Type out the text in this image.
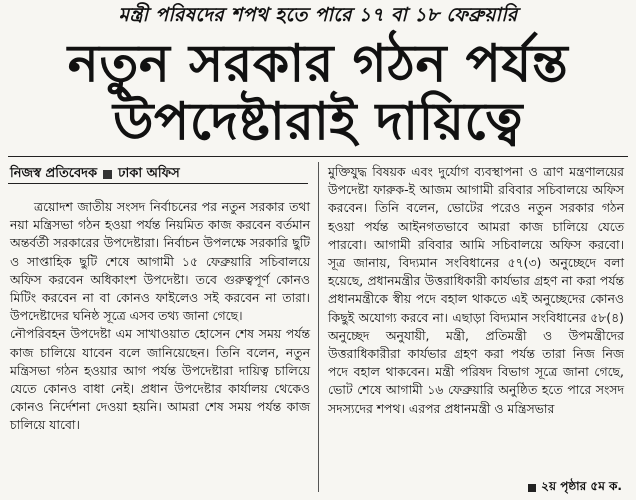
মন্ত্রী পরিষদের শপথ হতে পারে ১৭ বা ১৮ ফেব্রুয়ারি
নতুন সরকার গঠন পর্যন্ত
উপদেষ্টারাই দায়িত্বে
নিজস্ব প্রতিবেদক ঢাকা অফিস

ত্রয়োদশ জাতীয় সংসদ নির্বাচনের পর নতুন সরকার তথা নয়া মন্ত্রিসভা গঠন হওয়া পর্যন্ত নিয়মিত কাজ করবেন বর্তমান অন্তর্বর্তী সরকারের উপদেষ্টারা। নির্বাচন উপলক্ষে সরকারি ছুটি ও সাপ্তাহিক ছুটি শেষে আগামী ১৫ ফেব্রুয়ারি সচিবালয়ে অফিস করবেন অধিকাংশ উপদেষ্টা। তবে গুরুত্বপূর্ণ কোনও মিটিং করবেন না বা কোনও ফাইলেও সই করবেন না তারা। উপদেষ্টাদের ঘনিষ্ঠ সূত্রে এসব তথ্য জানা গেছে।

নৌপরিবহন উপদেষ্টা এম সাখাওয়াত হোসেন শেষ সময় পর্যন্ত কাজ চালিয়ে যাবেন বলে জানিয়েছেন। তিনি বলেন, নতুন মন্ত্রিসভা গঠন হওয়ার আগ পর্যন্ত উপদেষ্টারা দায়িত্ব চালিয়ে যেতে কোনও বাধা নেই। প্রধান উপদেষ্টার কার্যালয় থেকেও কোনও নির্দেশনা দেওয়া হয়নি। আমরা শেষ সময় পর্যন্ত কাজ চালিয়ে যাবো।

মুক্তিযুদ্ধ বিষয়ক এবং দুর্যোগ ব্যবস্থাপনা ও ত্রাণ মন্ত্রণালয়ের উপদেষ্টা ফারুক-ই আজম আগামী রবিবার সচিবালয়ে অফিস করবেন। তিনি বলেন, ভোটের পরেও নতুন সরকার গঠন হওয়া পর্যন্ত আইনগতভাবে আমরা কাজ চালিয়ে যেতে পারবো। আগামী রবিবার আমি সচিবালয়ে অফিস করবো। সূত্র জানায়, বিদ্যমান সংবিধানের ৫৭(৩) অনুচ্ছেদে বলা হয়েছে, প্রধানমন্ত্রীর উত্তরাধিকারী কার্যভার গ্রহণ না করা পর্যন্ত প্রধানমন্ত্রীকে স্বীয় পদে বহাল থাকতে এই অনুচ্ছেদের কোনও কিছুই অযোগ্য করবে না। এছাড়া বিদ্যমান সংবিধানের ৫৮(৪) অনুচ্ছেদ অনুযায়ী, মন্ত্রী, প্রতিমন্ত্রী ও উপমন্ত্রীদের উত্তরাধিকারীরা কার্যভার গ্রহণ করা পর্যন্ত তারা নিজ নিজ পদে বহাল থাকবেন। মন্ত্রী পরিষদ বিভাগ সূত্রে জানা গেছে, ভোট শেষে আগামী ১৬ ফেব্রুয়ারি অনুষ্ঠিত হতে পারে সংসদ সদস্যদের শপথ। এরপর প্রধানমন্ত্রী ও মন্ত্রিসভার

২য় পৃষ্ঠার ৫ম ক.
